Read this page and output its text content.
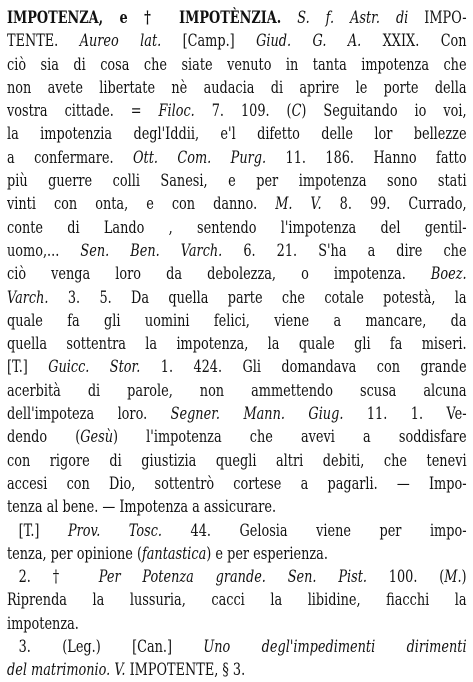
IMPOTENZA, e † IMPOTÈNZIA. S. f. Astr. di IMPO-
TENTE. Aureo lat. [Camp.] Giud. G. A. XXIX. Con
ciò sia di cosa che siate venuto in tanta impotenza che
non avete libertate nè audacia di aprire le porte della
vostra cittade. = Filoc. 7. 109. (C) Seguitando io voi,
la impotenzia degl'Iddii, e'l difetto delle lor bellezze
a confermare. Ott. Com. Purg. 11. 186. Hanno fatto
più guerre colli Sanesi, e per impotenza sono stati
vinti con onta, e con danno. M. V. 8. 99. Currado,
conte di Lando , sentendo l'impotenza del gentil-
uomo,... Sen. Ben. Varch. 6. 21. S'ha a dire che
ciò venga loro da debolezza, o impotenza. Boez.
Varch. 3. 5. Da quella parte che cotale potestà, la
quale fa gli uomini felici, viene a mancare, da
quella sottentra la impotenza, la quale gli fa miseri.
[T.] Guicc. Stor. 1. 424. Gli domandava con grande
acerbità di parole, non ammettendo scusa alcuna
dell'impoteza loro. Segner. Mann. Giug. 11. 1. Ve-
dendo (Gesù) l'impotenza che avevi a soddisfare
con rigore di giustizia quegli altri debiti, che tenevi
accesi con Dio, sottentrò cortese a pagarli. — Impo-
tenza al bene. — Impotenza a assicurare.
[T.] Prov. Tosc. 44. Gelosia viene per impo-
tenza, per opinione (fantastica) e per esperienza.
2. † Per Potenza grande. Sen. Pist. 100. (M.)
Riprenda la lussuria, cacci la libidine, fiacchi la
impotenza.
3. (Leg.) [Can.] Uno degl'impedimenti dirimenti
del matrimonio. V. IMPOTENTE, § 3.
